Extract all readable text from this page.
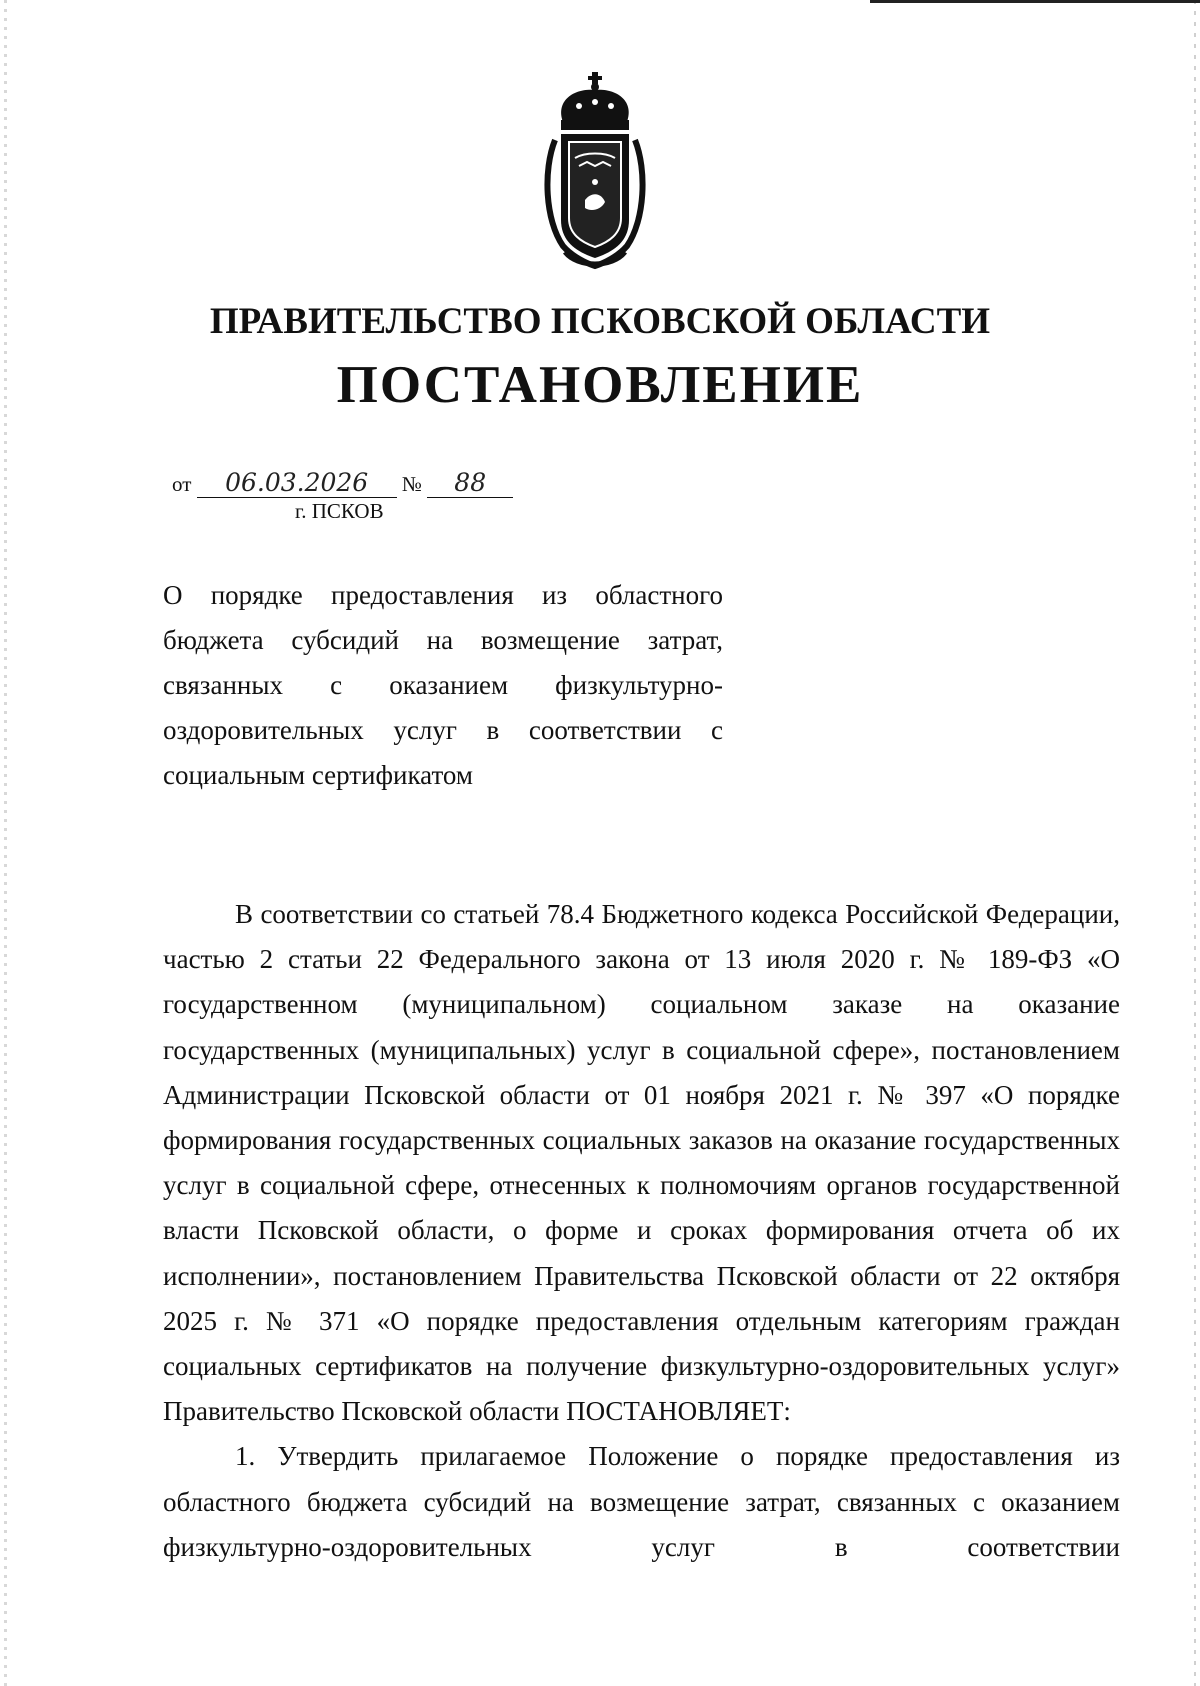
ПРАВИТЕЛЬСТВО ПСКОВСКОЙ ОБЛАСТИ
ПОСТАНОВЛЕНИЕ
от 06.03.2026 № 88
г. ПСКОВ
О порядке предоставления из областного бюджета субсидий на возмещение затрат, связанных с оказанием физкультурно-оздоровительных услуг в соответствии с социальным сертификатом

В соответствии со статьей 78.4 Бюджетного кодекса Российской Федерации, частью 2 статьи 22 Федерального закона от 13 июля 2020 г. № 189-ФЗ «О государственном (муниципальном) социальном заказе на оказание государственных (муниципальных) услуг в социальной сфере», постановлением Администрации Псковской области от 01 ноября 2021 г. № 397 «О порядке формирования государственных социальных заказов на оказание государственных услуг в социальной сфере, отнесенных к полномочиям органов государственной власти Псковской области, о форме и сроках формирования отчета об их исполнении», постановлением Правительства Псковской области от 22 октября 2025 г. № 371 «О порядке предоставления отдельным категориям граждан социальных сертификатов на получение физкультурно-оздоровительных услуг» Правительство Псковской области ПОСТАНОВЛЯЕТ:

1. Утвердить прилагаемое Положение о порядке предоставления из областного бюджета субсидий на возмещение затрат, связанных с оказанием физкультурно-оздоровительных услуг в соответствии
